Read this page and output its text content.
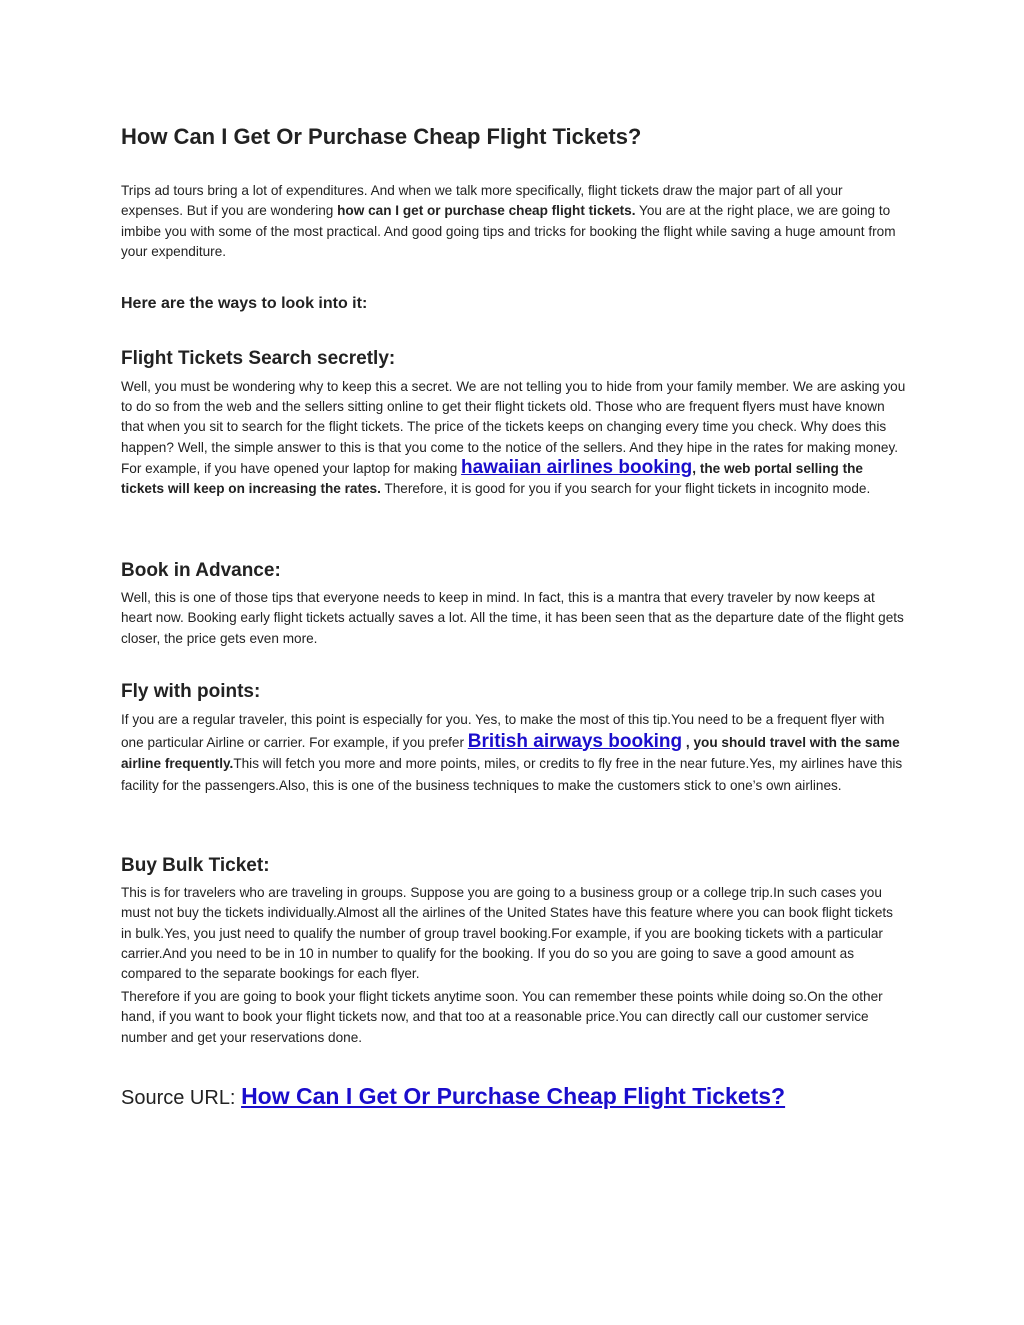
How Can I Get Or Purchase Cheap Flight Tickets?

Trips ad tours bring a lot of expenditures. And when we talk more specifically, flight tickets draw the major part of all your expenses. But if you are wondering how can I get or purchase cheap flight tickets. You are at the right place, we are going to imbibe you with some of the most practical. And good going tips and tricks for booking the flight while saving a huge amount from your expenditure.

Here are the ways to look into it:
Flight Tickets Search secretly:

Well, you must be wondering why to keep this a secret. We are not telling you to hide from your family member. We are asking you to do so from the web and the sellers sitting online to get their flight tickets old. Those who are frequent flyers must have known that when you sit to search for the flight tickets. The price of the tickets keeps on changing every time you check. Why does this happen? Well, the simple answer to this is that you come to the notice of the sellers. And they hipe in the rates for making money. For example, if you have opened your laptop for making hawaiian airlines booking, the web portal selling the tickets will keep on increasing the rates. Therefore, it is good for you if you search for your flight tickets in incognito mode.

Book in Advance:

Well, this is one of those tips that everyone needs to keep in mind. In fact, this is a mantra that every traveler by now keeps at heart now. Booking early flight tickets actually saves a lot. All the time, it has been seen that as the departure date of the flight gets closer, the price gets even more.

Fly with points:

If you are a regular traveler, this point is especially for you. Yes, to make the most of this tip.You need to be a frequent flyer with one particular Airline or carrier. For example, if you prefer British airways booking , you should travel with the same airline frequently.This will fetch you more and more points, miles, or credits to fly free in the near future.Yes, my airlines have this facility for the passengers.Also, this is one of the business techniques to make the customers stick to one’s own airlines.

Buy Bulk Ticket:

This is for travelers who are traveling in groups. Suppose you are going to a business group or a college trip.In such cases you must not buy the tickets individually.Almost all the airlines of the United States have this feature where you can book flight tickets in bulk.Yes, you just need to qualify the number of group travel booking.For example, if you are booking tickets with a particular carrier.And you need to be in 10 in number to qualify for the booking. If you do so you are going to save a good amount as compared to the separate bookings for each flyer.

Therefore if you are going to book your flight tickets anytime soon. You can remember these points while doing so.On the other hand, if you want to book your flight tickets now, and that too at a reasonable price.You can directly call our customer service number and get your reservations done.

Source URL: How Can I Get Or Purchase Cheap Flight Tickets?
